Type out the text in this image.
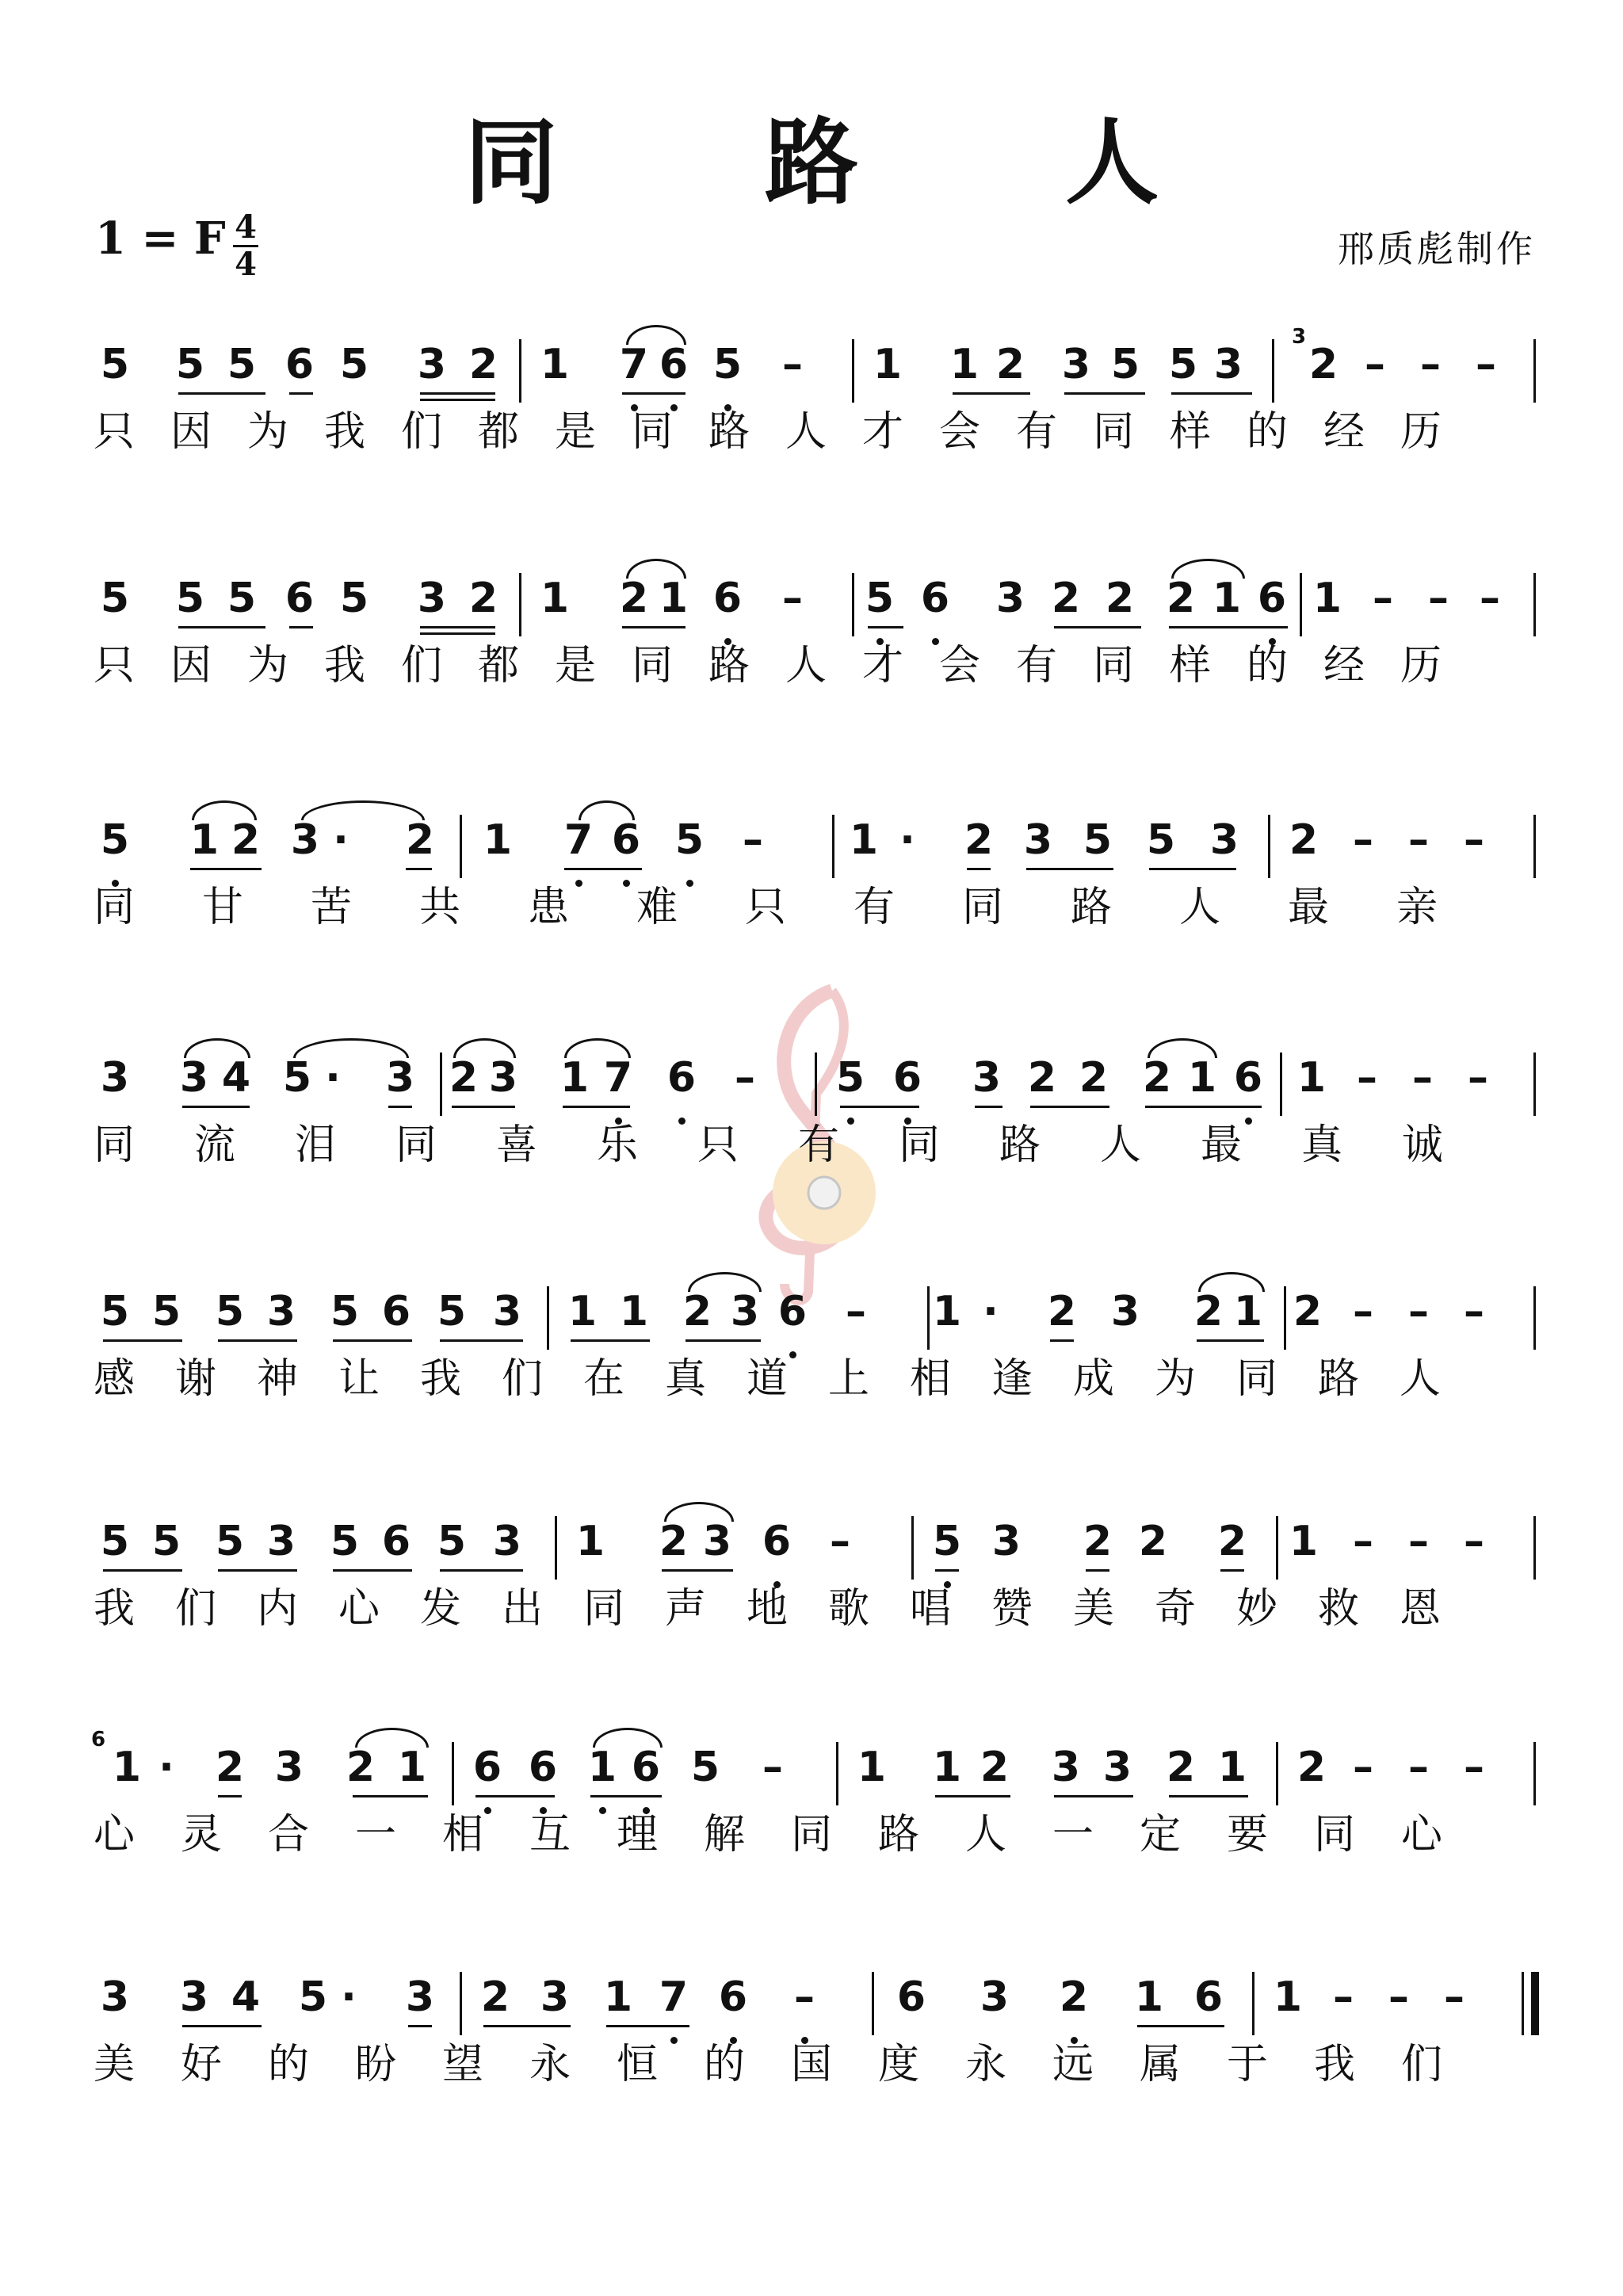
同 路 人
1 = F 4
4	邢质彪制作
5 5 5 6 5 3 2 1 7 6 5 – 1 1 2 3 5 5 3 2 – – –
3
只因为我们都是同路人才会有同样的经历
5 5 5 6 5 3 2 1 2 1 6 – 5 6 3 2 2 2 1 6 1 – – –
只因为我们都是同路人才会有同样的经历
5 1 2 3 · 2 1 7 6 5 – 1 · 2 3 5 5 3 2 – – –
同甘苦共患难只有同路人最亲
3 3 4 5 · 3 2 3 1 7 6 – 5 6 3 2 2 2 1 6 1 – – –
同流泪同喜乐只有同路人最真诚
5 5 5 3 5 6 5 3 1 1 2 3 6 – 1 · 2 3 2 1 2 – – –
感谢神让我们在真道上相逢成为同路人
5 5 5 3 5 6 5 3 1 2 3 6 – 5 3 2 2 2 1 – – –
我们内心发出同声地歌唱赞美奇妙救恩
1 · 2 3 2 1 6 6 1 6 5 – 1 1 2 3 3 2 1 2 – – –
6
心灵合一相互理解同路人一定要同心
3 3 4 5 · 3 2 3 1 7 6 – 6 3 2 1 6 1 – – –
美好的盼望永恒的国度永远属于我们
